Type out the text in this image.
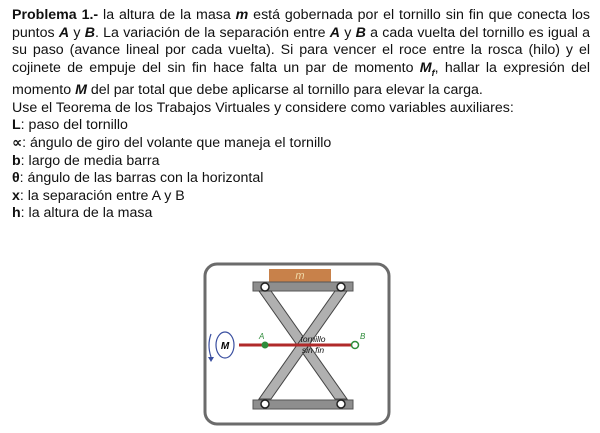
Problema 1.- la altura de la masa m está gobernada por el tornillo sin fin que conecta los puntos A y B. La variación de la separación entre A y B a cada vuelta del tornillo es igual a su paso (avance lineal por cada vuelta). Si para vencer el roce entre la rosca (hilo) y el cojinete de empuje del sin fin hace falta un par de momento $M_f$, hallar la expresión del momento M del par total que debe aplicarse al tornillo para elevar la carga.

Use el Teorema de los Trabajos Virtuales y considere como variables auxiliares:

L: paso del tornillo

∝: ángulo de giro del volante que maneja el tornillo

b: largo de media barra

θ: ángulo de las barras con la horizontal

x: la separación entre A y B

h: la altura de la masa

m
A	B
tornillo
sin fin
M
